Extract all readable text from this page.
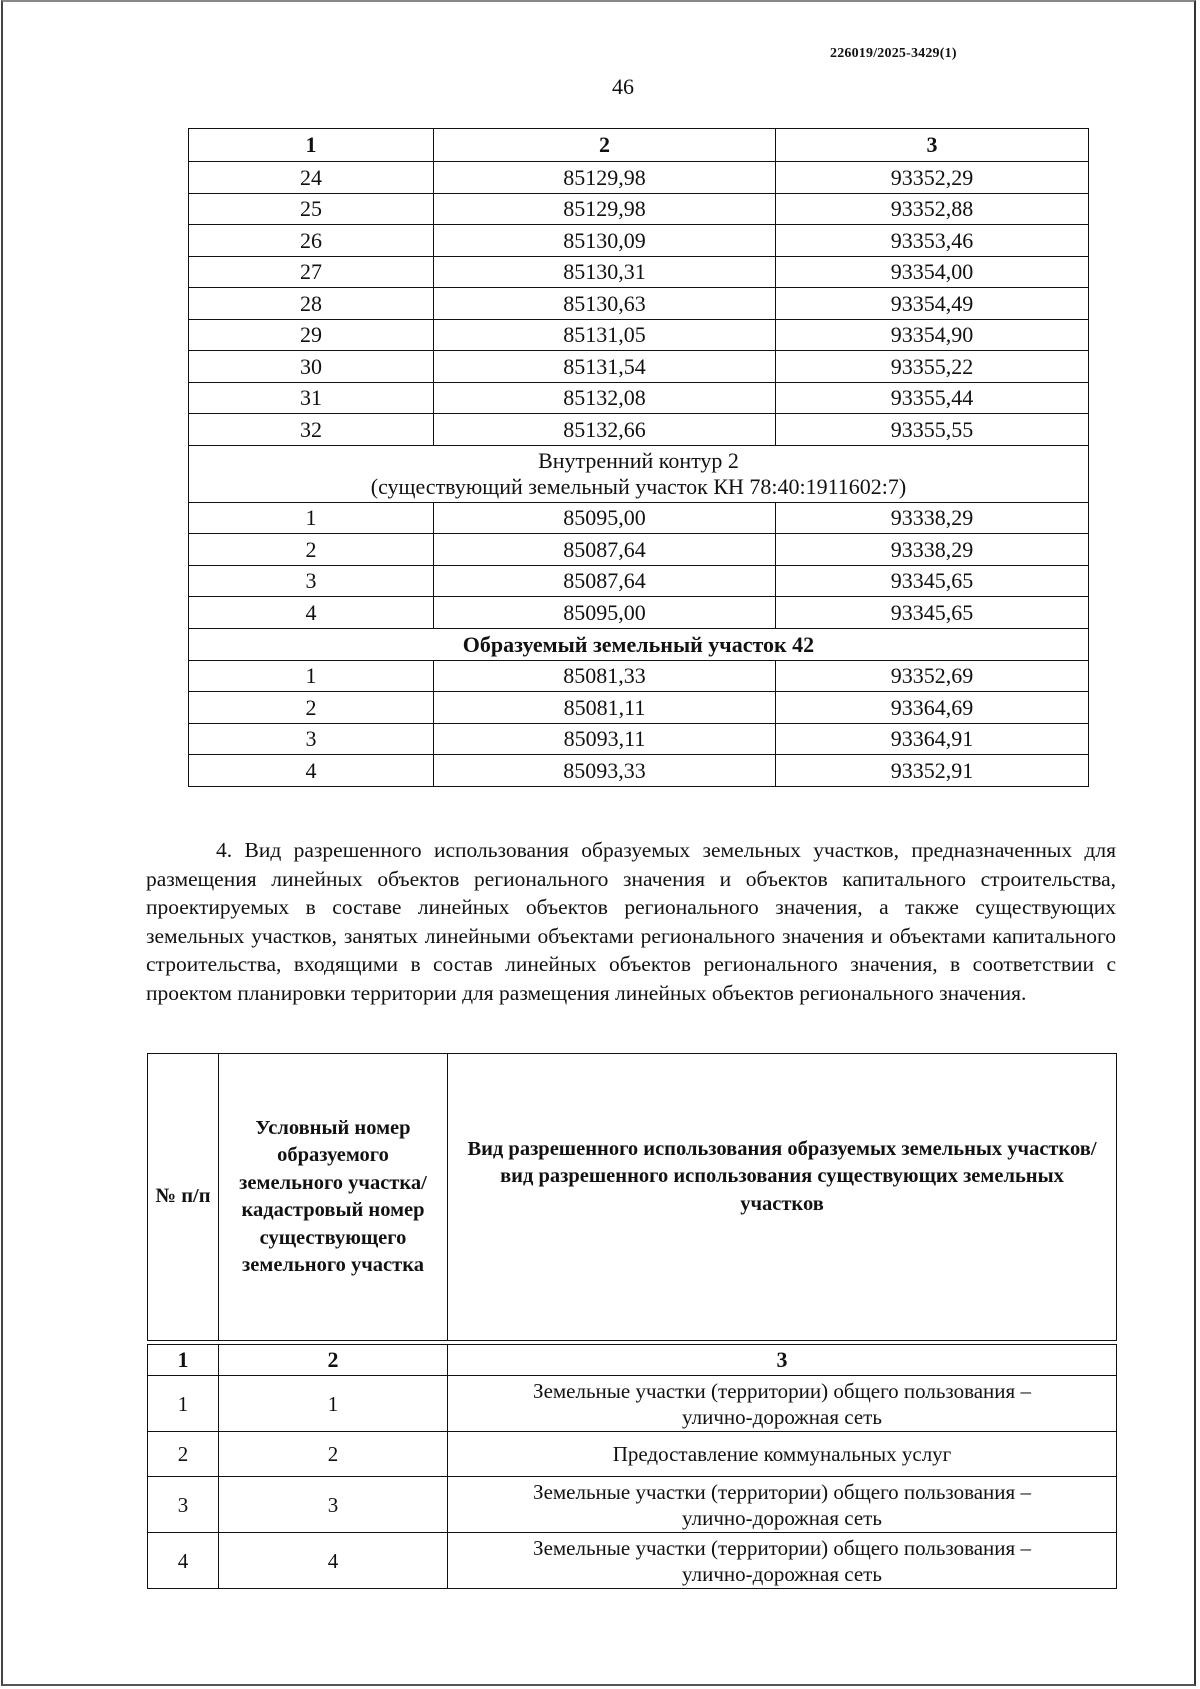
226019/2025-3429(1)
46
1	2	3
24	85129,98	93352,29
25	85129,98	93352,88
26	85130,09	93353,46
27	85130,31	93354,00
28	85130,63	93354,49
29	85131,05	93354,90
30	85131,54	93355,22
31	85132,08	93355,44
32	85132,66	93355,55

Внутренний контур 2
(существующий земельный участок КН 78:40:1911602:7)		

1	85095,00	93338,29
2	85087,64	93338,29
3	85087,64	93345,65
4	85095,00	93345,65
Образуемый земельный участок 42		
1	85081,33	93352,69
2	85081,11	93364,69
3	85093,11	93364,91
4	85093,33	93352,91
4. Вид разрешенного использования образуемых земельных участков, предназначенных для размещения линейных объектов регионального значения и объектов капитального строительства, проектируемых в составе линейных объектов регионального значения, а также существующих земельных участков, занятых линейными объектами регионального значения и объектами капитального строительства, входящими в состав линейных объектов регионального значения, в соответствии с проектом планировки территории для размещения линейных объектов регионального значения.
№ п/п	Условный номер образуемого земельного участка/ кадастровый номер существующего земельного участка	Вид разрешенного использования образуемых земельных участков/ вид разрешенного использования существующих земельных участков

1	2	3
1	1	Земельные участки (территории) общего пользования –
улично-дорожная сеть

2	2	Предоставление коммунальных услуг

3	3	Земельные участки (территории) общего пользования –
улично-дорожная сеть

4	4	Земельные участки (территории) общего пользования –
улично-дорожная сеть
